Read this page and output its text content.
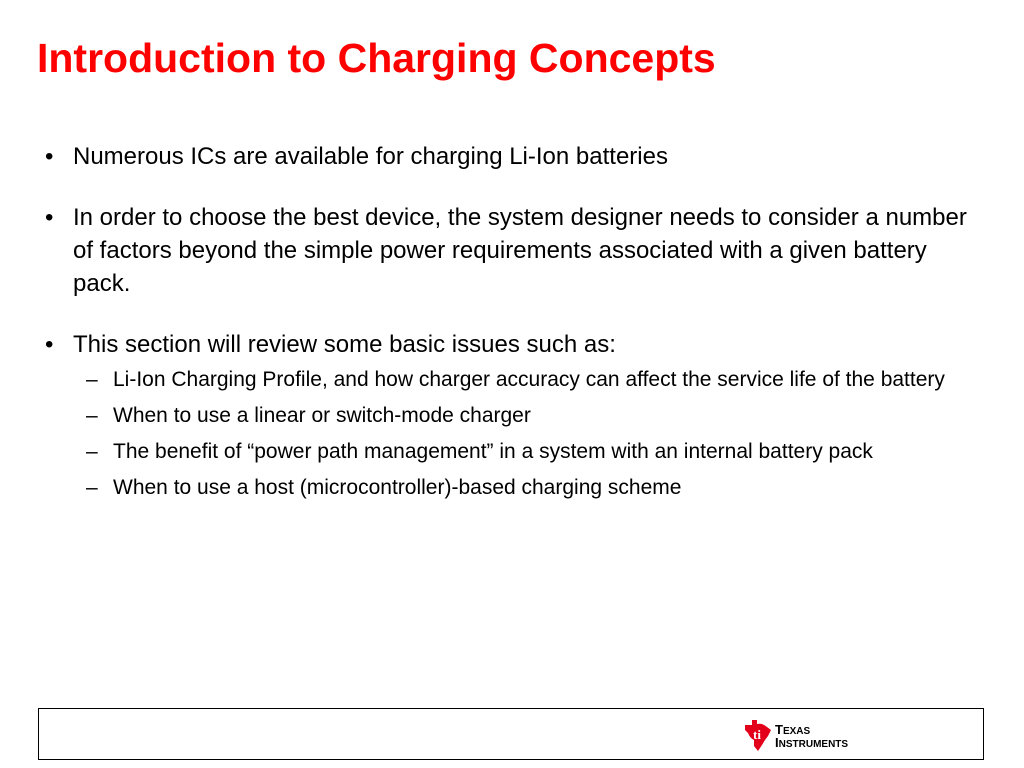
Introduction to Charging Concepts
• Numerous ICs are available for charging Li-Ion batteries
• In order to choose the best device, the system designer needs to consider a number of factors beyond the simple power requirements associated with a given battery pack.
• This section will review some basic issues such as:
– Li-Ion Charging Profile, and how charger accuracy can affect the service life of the battery
– When to use a linear or switch-mode charger
– The benefit of “power path management” in a system with an internal battery pack
– When to use a host (microcontroller)-based charging scheme
ti TEXAS
INSTRUMENTS
